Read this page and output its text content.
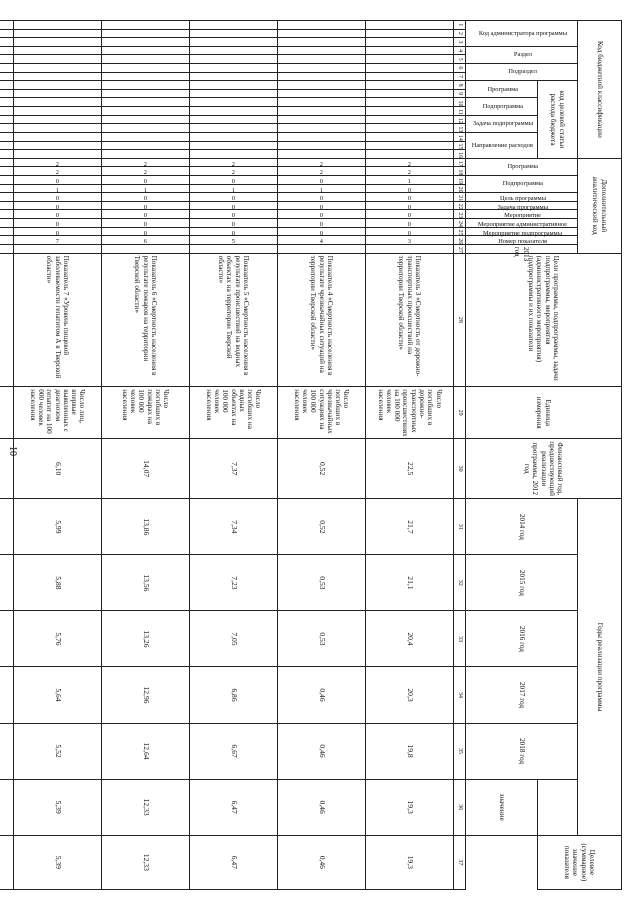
10
Код бюджетной классификации																Дополнительный аналитический код											Цели программы, подпрограммы, задачи подпрограммы, мероприятия (административного мероприятия) подпрограммы и их показатели	Единица измерения	Финансовый год, предшествующий реализации программы, 2012 год	Годы реализации программы						Целевое (суммарное) значение показателя
Код администратора программы			Раздел		Подраздел		код целевой статьи расхода бюджета									Программа		Подпрограмма		Цель программы	Задача программы	Мероприятие	Мероприятие административное	Мероприятие подпрограммы	Номер показателя	2013 год				2014 год	2015 год	2016 год	2017 год	2018 год		
							Программа		Подпрограмма		Задача подпрограммы		Направление расходов																						значение	
1	2	3	4	5	6	7	8	9	10	11	12	13	14	15	16	17	18	19	20	21	22	23	24	25	26	27	28	29	30	31	32	33	34	35	36	37
																2	2	1	0	0	0	0	0	0	3		Показатель 3 «Смертность от дорожно-транспортных происшествий на территории Тверской области»	Число погибших в дорожно-транспортных происшествиях на 100 000 человек населения	22,5	21,7	21,1	20,4	20,3	19,8	19,3	19,3
																2	2	0	1	0	0	0	0	0	4		Показатель 4 «Смертность населения в результате чрезвычайных ситуаций на территории Тверской области»	Число погибших в чрезвычайных ситуациях на 100 000 человек населения	0,52	0,52	0,53	0,53	0,46	0,46	0,46	0,46
																2	2	0	1	0	0	0	0	0	5		Показатель 5 «Смертность населения в результате происшествий на водных объектах на территории Тверской области»	Число погибших на водных объектах на 100 000 человек населения	7,37	7,34	7,23	7,05	6,86	6,67	6,47	6,47
																2	2	0	1	0	0	0	0	0	6		Показатель 6 «Смертность населения в результате пожаров на территории Тверской области»	Число погибших в пожарах на 100 000 человек населения	14,07	13,86	13,56	13,26	12,96	12,64	12,33	12,33
																2	2	0	1	0	0	0	0	0	7		Показатель 7 «Уровень пищевой заболеваемости гепатитом А в Тверской области»	Число лиц, впервые выявленных с диагнозом гепатит на 100 000 человек населения	6,10	5,99	5,88	5,76	5,64	5,52	5,39	5,39
